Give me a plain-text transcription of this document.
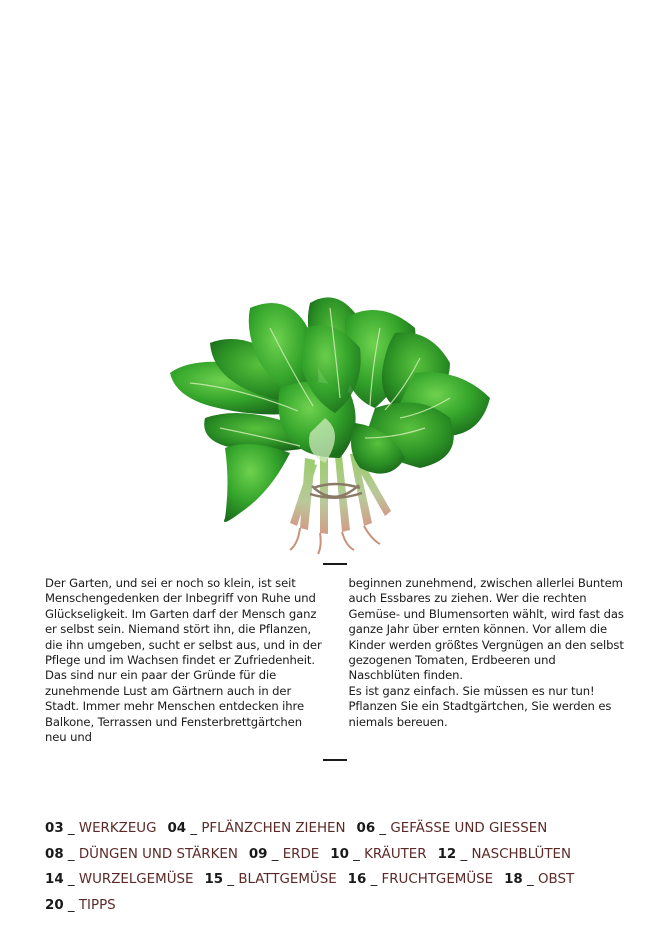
Der Garten, und sei er noch so klein, ist seit Menschengedenken der Inbegriff von Ruhe und Glückseligkeit. Im Garten darf der Mensch ganz er selbst sein. Niemand stört ihn, die Pflanzen, die ihn umgeben, sucht er selbst aus, und in der Pflege und im Wachsen findet er Zufriedenheit. Das sind nur ein paar der Gründe für die zunehmende Lust am Gärtnern auch in der Stadt. Immer mehr Menschen entdecken ihre Balkone, Terrassen und Fensterbrettgärtchen neu und

beginnen zunehmend, zwischen allerlei Buntem auch Essbares zu ziehen. Wer die rechten Gemüse- und Blumensorten wählt, wird fast das ganze Jahr über ernten können. Vor allem die Kinder werden größtes Vergnügen an den selbst gezogenen Tomaten, Erdbeeren und Naschblüten finden.

Es ist ganz einfach. Sie müssen es nur tun! Pflanzen Sie ein Stadtgärtchen, Sie werden es niemals bereuen.

03 _ WERKZEUG 04 _ PFLÄNZCHEN ZIEHEN 06 _ GEFÄSSE UND GIESSEN
08 _ DÜNGEN UND STÄRKEN 09 _ ERDE 10 _ KRÄUTER 12 _ NASCHBLÜTEN
14 _ WURZELGEMÜSE 15 _ BLATTGEMÜSE 16 _ FRUCHTGEMÜSE 18 _ OBST
20 _ TIPPS
